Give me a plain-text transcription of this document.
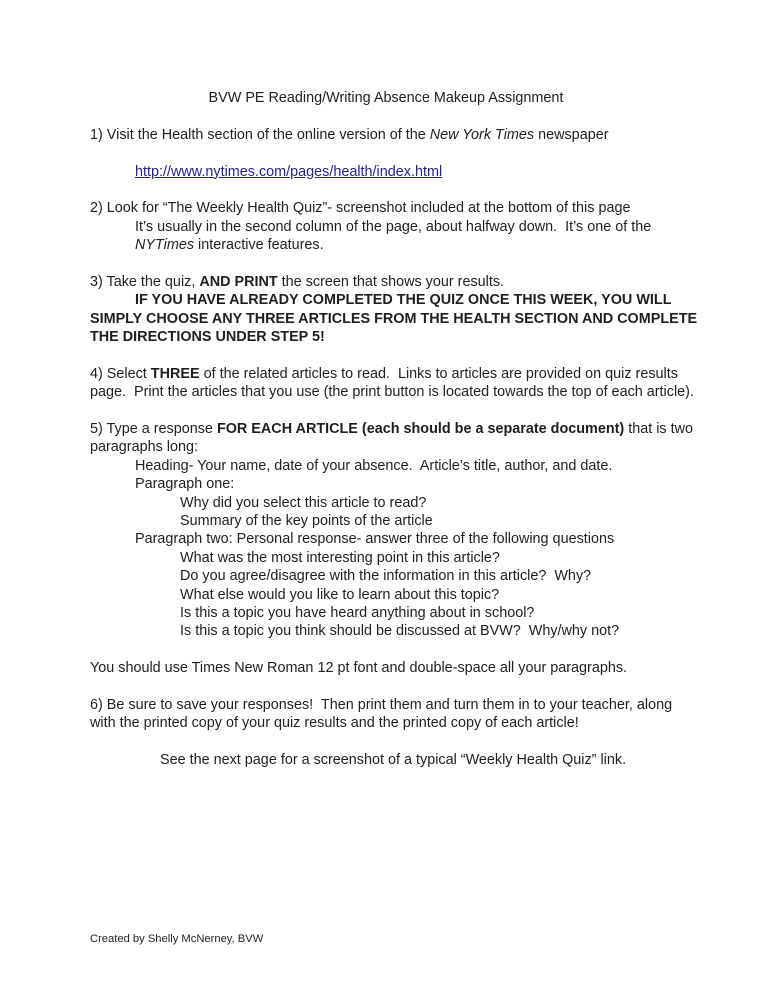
BVW PE Reading/Writing Absence Makeup Assignment
1) Visit the Health section of the online version of the New York Times newspaper
http://www.nytimes.com/pages/health/index.html
2) Look for “The Weekly Health Quiz”- screenshot included at the bottom of this page
It’s usually in the second column of the page, about halfway down.  It’s one of the
NYTimes interactive features.
3) Take the quiz, AND PRINT the screen that shows your results.
IF YOU HAVE ALREADY COMPLETED THE QUIZ ONCE THIS WEEK, YOU WILL
SIMPLY CHOOSE ANY THREE ARTICLES FROM THE HEALTH SECTION AND COMPLETE
THE DIRECTIONS UNDER STEP 5!
4) Select THREE of the related articles to read.  Links to articles are provided on quiz results
page.  Print the articles that you use (the print button is located towards the top of each article).
5) Type a response FOR EACH ARTICLE (each should be a separate document) that is two
paragraphs long:
Heading- Your name, date of your absence.  Article’s title, author, and date.
Paragraph one:
Why did you select this article to read?
Summary of the key points of the article
Paragraph two: Personal response- answer three of the following questions
What was the most interesting point in this article?
Do you agree/disagree with the information in this article?  Why?
What else would you like to learn about this topic?
Is this a topic you have heard anything about in school?
Is this a topic you think should be discussed at BVW?  Why/why not?
You should use Times New Roman 12 pt font and double-space all your paragraphs.
6) Be sure to save your responses!  Then print them and turn them in to your teacher, along
with the printed copy of your quiz results and the printed copy of each article!
See the next page for a screenshot of a typical “Weekly Health Quiz” link.
Created by Shelly McNerney, BVW
